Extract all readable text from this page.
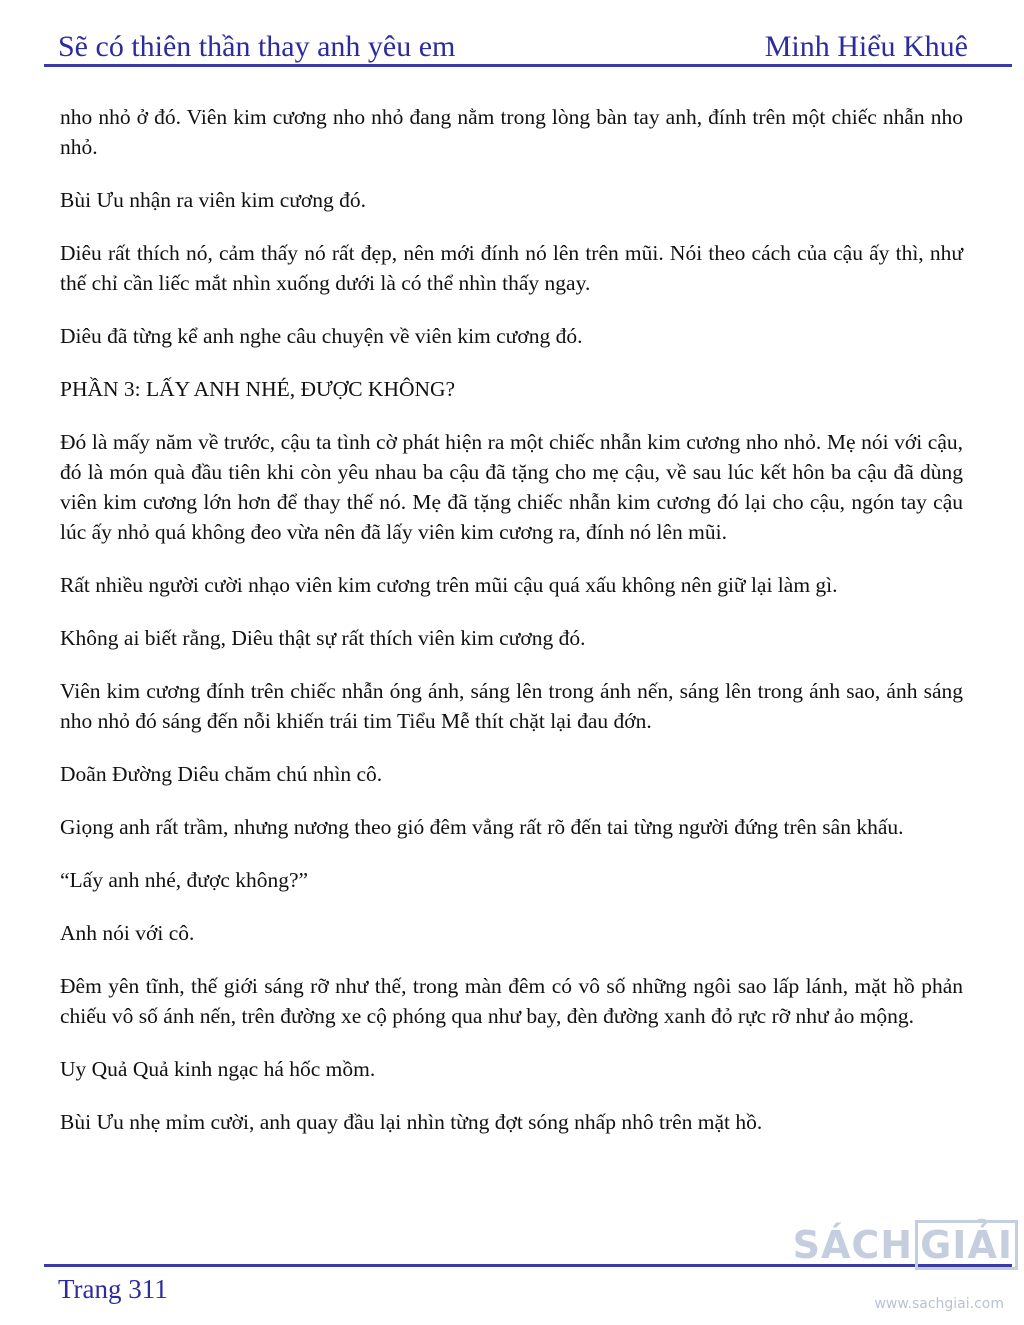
Sẽ có thiên thần thay anh yêu em	Minh Hiểu Khuê

nho nhỏ ở đó. Viên kim cương nho nhỏ đang nằm trong lòng bàn tay anh, đính trên một chiếc nhẫn nho nhỏ.

Bùi Ưu nhận ra viên kim cương đó.

Diêu rất thích nó, cảm thấy nó rất đẹp, nên mới đính nó lên trên mũi. Nói theo cách của cậu ấy thì, như thế chỉ cần liếc mắt nhìn xuống dưới là có thể nhìn thấy ngay.

Diêu đã từng kể anh nghe câu chuyện về viên kim cương đó.

PHẦN 3: LẤY ANH NHÉ, ĐƯỢC KHÔNG?

Đó là mấy năm về trước, cậu ta tình cờ phát hiện ra một chiếc nhẫn kim cương nho nhỏ. Mẹ nói với cậu, đó là món quà đầu tiên khi còn yêu nhau ba cậu đã tặng cho mẹ cậu, về sau lúc kết hôn ba cậu đã dùng viên kim cương lớn hơn để thay thế nó. Mẹ đã tặng chiếc nhẫn kim cương đó lại cho cậu, ngón tay cậu lúc ấy nhỏ quá không đeo vừa nên đã lấy viên kim cương ra, đính nó lên mũi.

Rất nhiều người cười nhạo viên kim cương trên mũi cậu quá xấu không nên giữ lại làm gì.

Không ai biết rằng, Diêu thật sự rất thích viên kim cương đó.

Viên kim cương đính trên chiếc nhẫn óng ánh, sáng lên trong ánh nến, sáng lên trong ánh sao, ánh sáng nho nhỏ đó sáng đến nỗi khiến trái tim Tiểu Mễ thít chặt lại đau đớn.

Doãn Đường Diêu chăm chú nhìn cô.

Giọng anh rất trầm, nhưng nương theo gió đêm vẳng rất rõ đến tai từng người đứng trên sân khấu.

“Lấy anh nhé, được không?”

Anh nói với cô.

Đêm yên tĩnh, thế giới sáng rỡ như thế, trong màn đêm có vô số những ngôi sao lấp lánh, mặt hồ phản chiếu vô số ánh nến, trên đường xe cộ phóng qua như bay, đèn đường xanh đỏ rực rỡ như ảo mộng.

Uy Quả Quả kinh ngạc há hốc mồm.

Bùi Ưu nhẹ mỉm cười, anh quay đầu lại nhìn từng đợt sóng nhấp nhô trên mặt hồ.

Trang 311
SÁCH GIẢI
www.sachgiai.com
